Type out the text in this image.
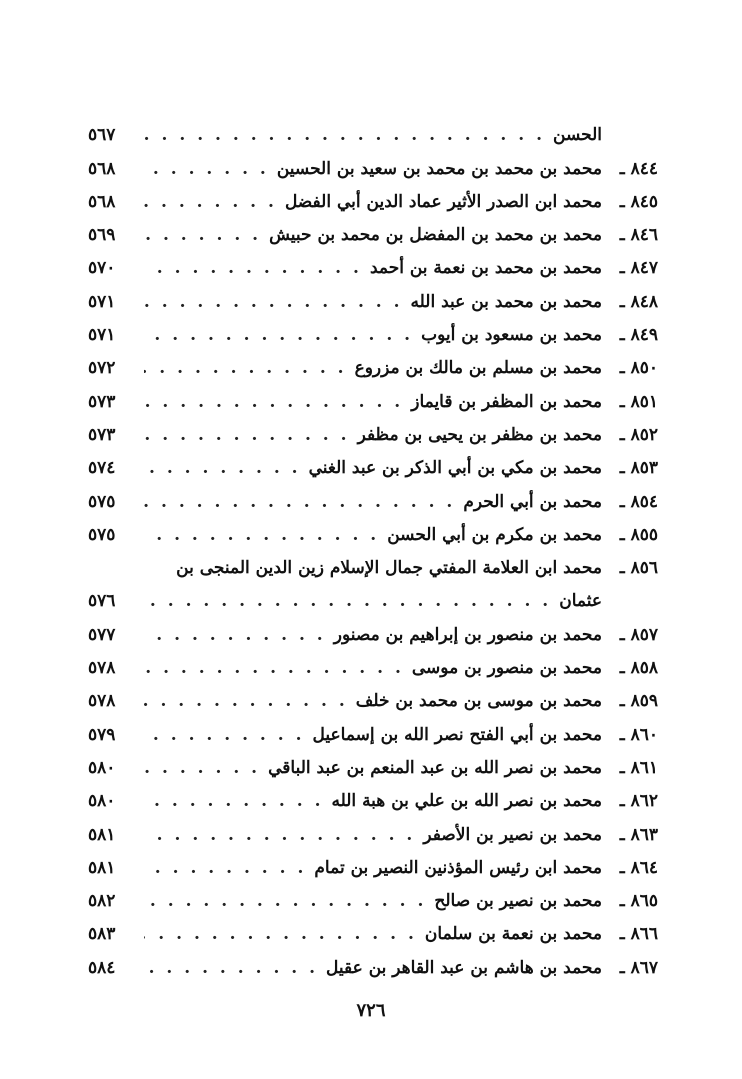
الحسن
. . .
٥٦٧
٨٤٤ ـ
محمد بن محمد بن محمد بن سعيد بن الحسين
. . .
٥٦٨
٨٤٥ ـ
محمد ابن الصدر الأثير عماد الدين أبي الفضل
. . .
٥٦٨
٨٤٦ ـ
محمد بن محمد بن المفضل بن محمد بن حبيش
. . .
٥٦٩
٨٤٧ ـ
محمد بن محمد بن نعمة بن أحمد
. . .
٥٧٠
٨٤٨ ـ
محمد بن محمد بن عبد الله
. . .
٥٧١
٨٤٩ ـ
محمد بن مسعود بن أيوب
. . .
٥٧١
٨٥٠ ـ
محمد بن مسلم بن مالك بن مزروع
. . .
٥٧٢
٨٥١ ـ
محمد بن المظفر بن قايماز
. . .
٥٧٣
٨٥٢ ـ
محمد بن مظفر بن يحيى بن مظفر
. . .
٥٧٣
٨٥٣ ـ
محمد بن مكي بن أبي الذكر بن عبد الغني
. . .
٥٧٤
٨٥٤ ـ
محمد بن أبي الحرم
. . .
٥٧٥
٨٥٥ ـ
محمد بن مكرم بن أبي الحسن
. . .
٥٧٥
٨٥٦ ـ
محمد ابن العلامة المفتي جمال الإسلام زين الدين المنجى بن
عثمان
. . .
٥٧٦
٨٥٧ ـ
محمد بن منصور بن إبراهيم بن مصنور
. . .
٥٧٧
٨٥٨ ـ
محمد بن منصور بن موسى
. . .
٥٧٨
٨٥٩ ـ
محمد بن موسى بن محمد بن خلف
. . .
٥٧٨
٨٦٠ ـ
محمد بن أبي الفتح نصر الله بن إسماعيل
. . .
٥٧٩
٨٦١ ـ
محمد بن نصر الله بن عبد المنعم بن عبد الباقي
. . .
٥٨٠
٨٦٢ ـ
محمد بن نصر الله بن علي بن هبة الله
. . .
٥٨٠
٨٦٣ ـ
محمد بن نصير بن الأصفر
. . .
٥٨١
٨٦٤ ـ
محمد ابن رئيس المؤذنين النصير بن تمام
. . .
٥٨١
٨٦٥ ـ
محمد بن نصير بن صالح
. . .
٥٨٢
٨٦٦ ـ
محمد بن نعمة بن سلمان
. . .
٥٨٣
٨٦٧ ـ
محمد بن هاشم بن عبد القاهر بن عقيل
. . .
٥٨٤
٧٢٦
